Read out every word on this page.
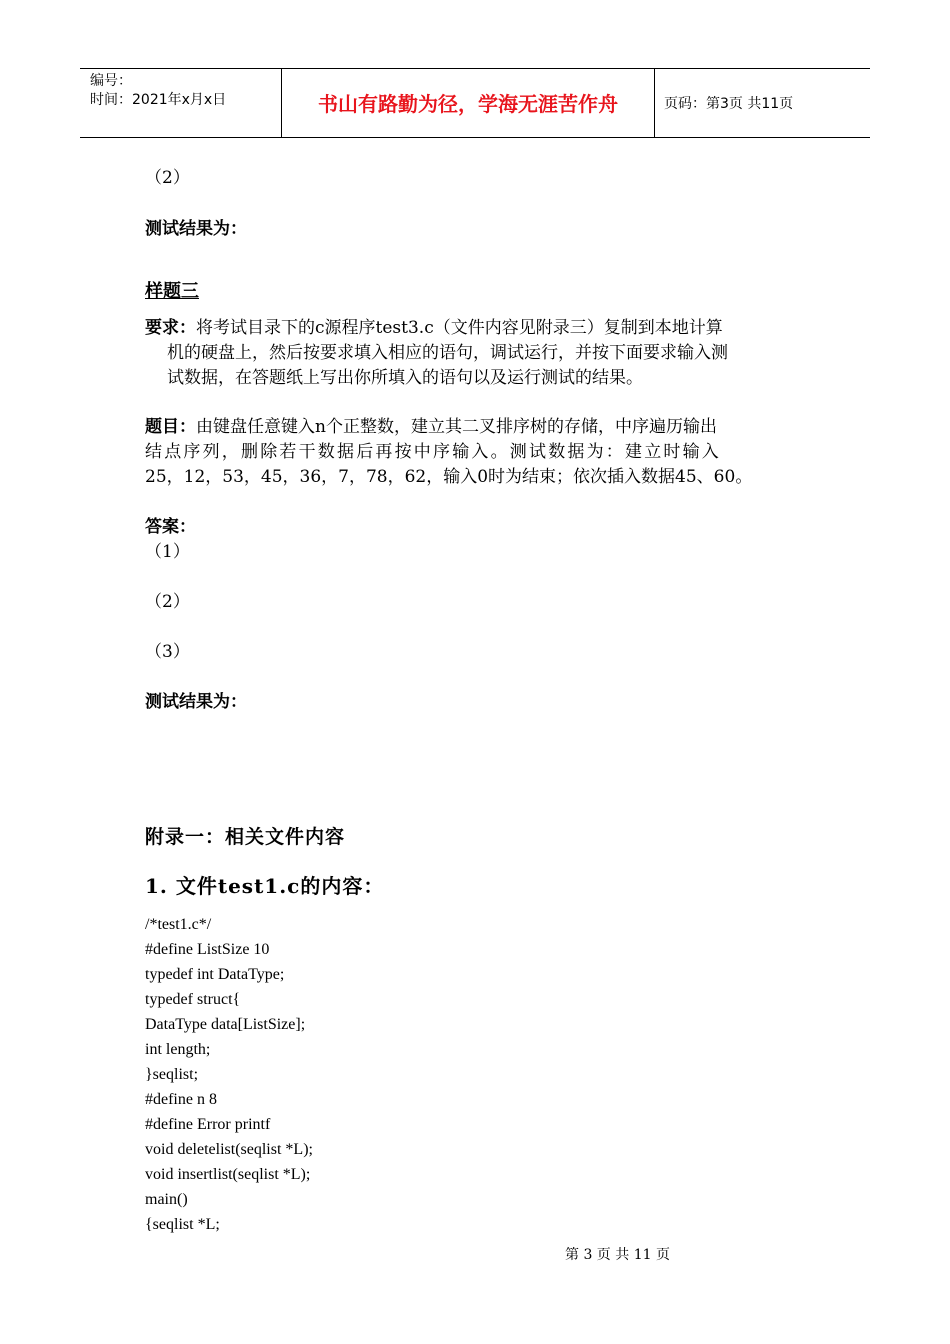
编号：
时间：2021年x月x日	书山有路勤为径，学海无涯苦作舟	页码：第3页 共11页
（2）
测试结果为：
样题三
要求：将考试目录下的c源程序test3.c（文件内容见附录三）复制到本地计算
机的硬盘上，然后按要求填入相应的语句，调试运行，并按下面要求输入测
试数据，在答题纸上写出你所填入的语句以及运行测试的结果。
题目：由键盘任意键入n个正整数，建立其二叉排序树的存储，中序遍历输出
结点序列，删除若干数据后再按中序输入。测试数据为：建立时输入
25，12，53，45，36，7，78，62，输入0时为结束；依次插入数据45、60。
答案：
（1）
（2）
（3）
测试结果为：
附录一：相关文件内容
1. 文件test1.c的内容：
/*test1.c*/
#define ListSize 10
typedef int DataType;
typedef struct{
DataType data[ListSize];
int length;
}seqlist;
#define n 8
#define Error printf
void deletelist(seqlist *L);
void insertlist(seqlist *L);
main()
{seqlist *L;
第 3 页 共 11 页
